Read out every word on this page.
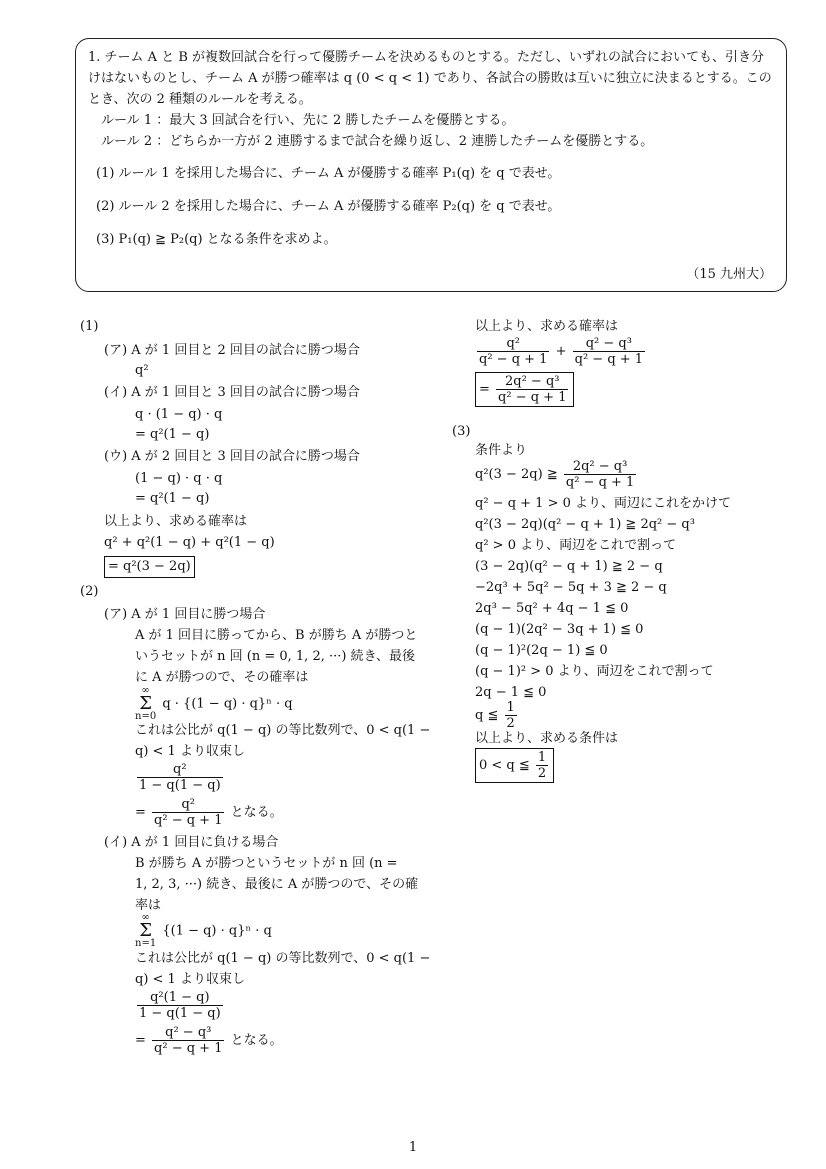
1. チーム A と B が複数回試合を行って優勝チームを決めるものとする。ただし、いずれの試合においても、引き分
けはないものとし、チーム A が勝つ確率は q (0 < q < 1) であり、各試合の勝敗は互いに独立に決まるとする。この
とき、次の 2 種類のルールを考える。
　ルール 1 ：最大 3 回試合を行い、先に 2 勝したチームを優勝とする。
　ルール 2 ：どちらか一方が 2 連勝するまで試合を繰り返し、2 連勝したチームを優勝とする。
(1) ルール 1 を採用した場合に、チーム A が優勝する確率 P₁(q) を q で表せ。
(2) ルール 2 を採用した場合に、チーム A が優勝する確率 P₂(q) を q で表せ。
(3) P₁(q) ≧ P₂(q) となる条件を求めよ。
（15 九州大）
(1)
(ア) A が 1 回目と 2 回目の試合に勝つ場合
q²
(イ) A が 1 回目と 3 回目の試合に勝つ場合
q · (1 − q) · q
= q²(1 − q)
(ウ) A が 2 回目と 3 回目の試合に勝つ場合
(1 − q) · q · q
= q²(1 − q)
以上より、求める確率は
q² + q²(1 − q) + q²(1 − q)
= q²(3 − 2q)
(2)
(ア) A が 1 回目に勝つ場合
A が 1 回目に勝ってから、B が勝ち A が勝つと
いうセットが n 回 (n = 0, 1, 2, ···) 続き、最後
に A が勝つので、その確率は
∞
Σ
n=0 q · {(1 − q) · q}ⁿ · q
これは公比が q(1 − q) の等比数列で、0 < q(1 −
q) < 1 より収束し
$\frac{\text{q²}}{1 - q(1 - q)}$
= $\frac{\text{q²}}{\text{q² − q + 1}}$ となる。
(イ) A が 1 回目に負ける場合
B が勝ち A が勝つというセットが n 回 (n =
1, 2, 3, ···) 続き、最後に A が勝つので、その確
率は
∞
Σ
n=1 {(1 − q) · q}ⁿ · q
これは公比が q(1 − q) の等比数列で、0 < q(1 −
q) < 1 より収束し
$\frac{\text{q²(1 − q)}}{1 - q(1 - q)}$
= $\frac{\text{q² − q³}}{\text{q² − q + 1}}$ となる。
以上より、求める確率は
$\frac{\text{q²}}{\text{q² − q + 1}} + \frac{\text{q² − q³}}{\text{q² − q + 1}}$
= $\frac{\text{2q² − q³}}{\text{q² − q + 1}}$
(3)
条件より
q²(3 − 2q) ≧ $\frac{\text{2q² − q³}}{\text{q² − q + 1}}$
q² − q + 1 > 0 より、両辺にこれをかけて
q²(3 − 2q)(q² − q + 1) ≧ 2q² − q³
q² > 0 より、両辺をこれで割って
(3 − 2q)(q² − q + 1) ≧ 2 − q
−2q³ + 5q² − 5q + 3 ≧ 2 − q
2q³ − 5q² + 4q − 1 ≦ 0
(q − 1)(2q² − 3q + 1) ≦ 0
(q − 1)²(2q − 1) ≦ 0
(q − 1)² > 0 より、両辺をこれで割って
2q − 1 ≦ 0
q ≦ $\frac{1}{2}$
以上より、求める条件は
0 < q ≦ $\frac{1}{2}$
1
